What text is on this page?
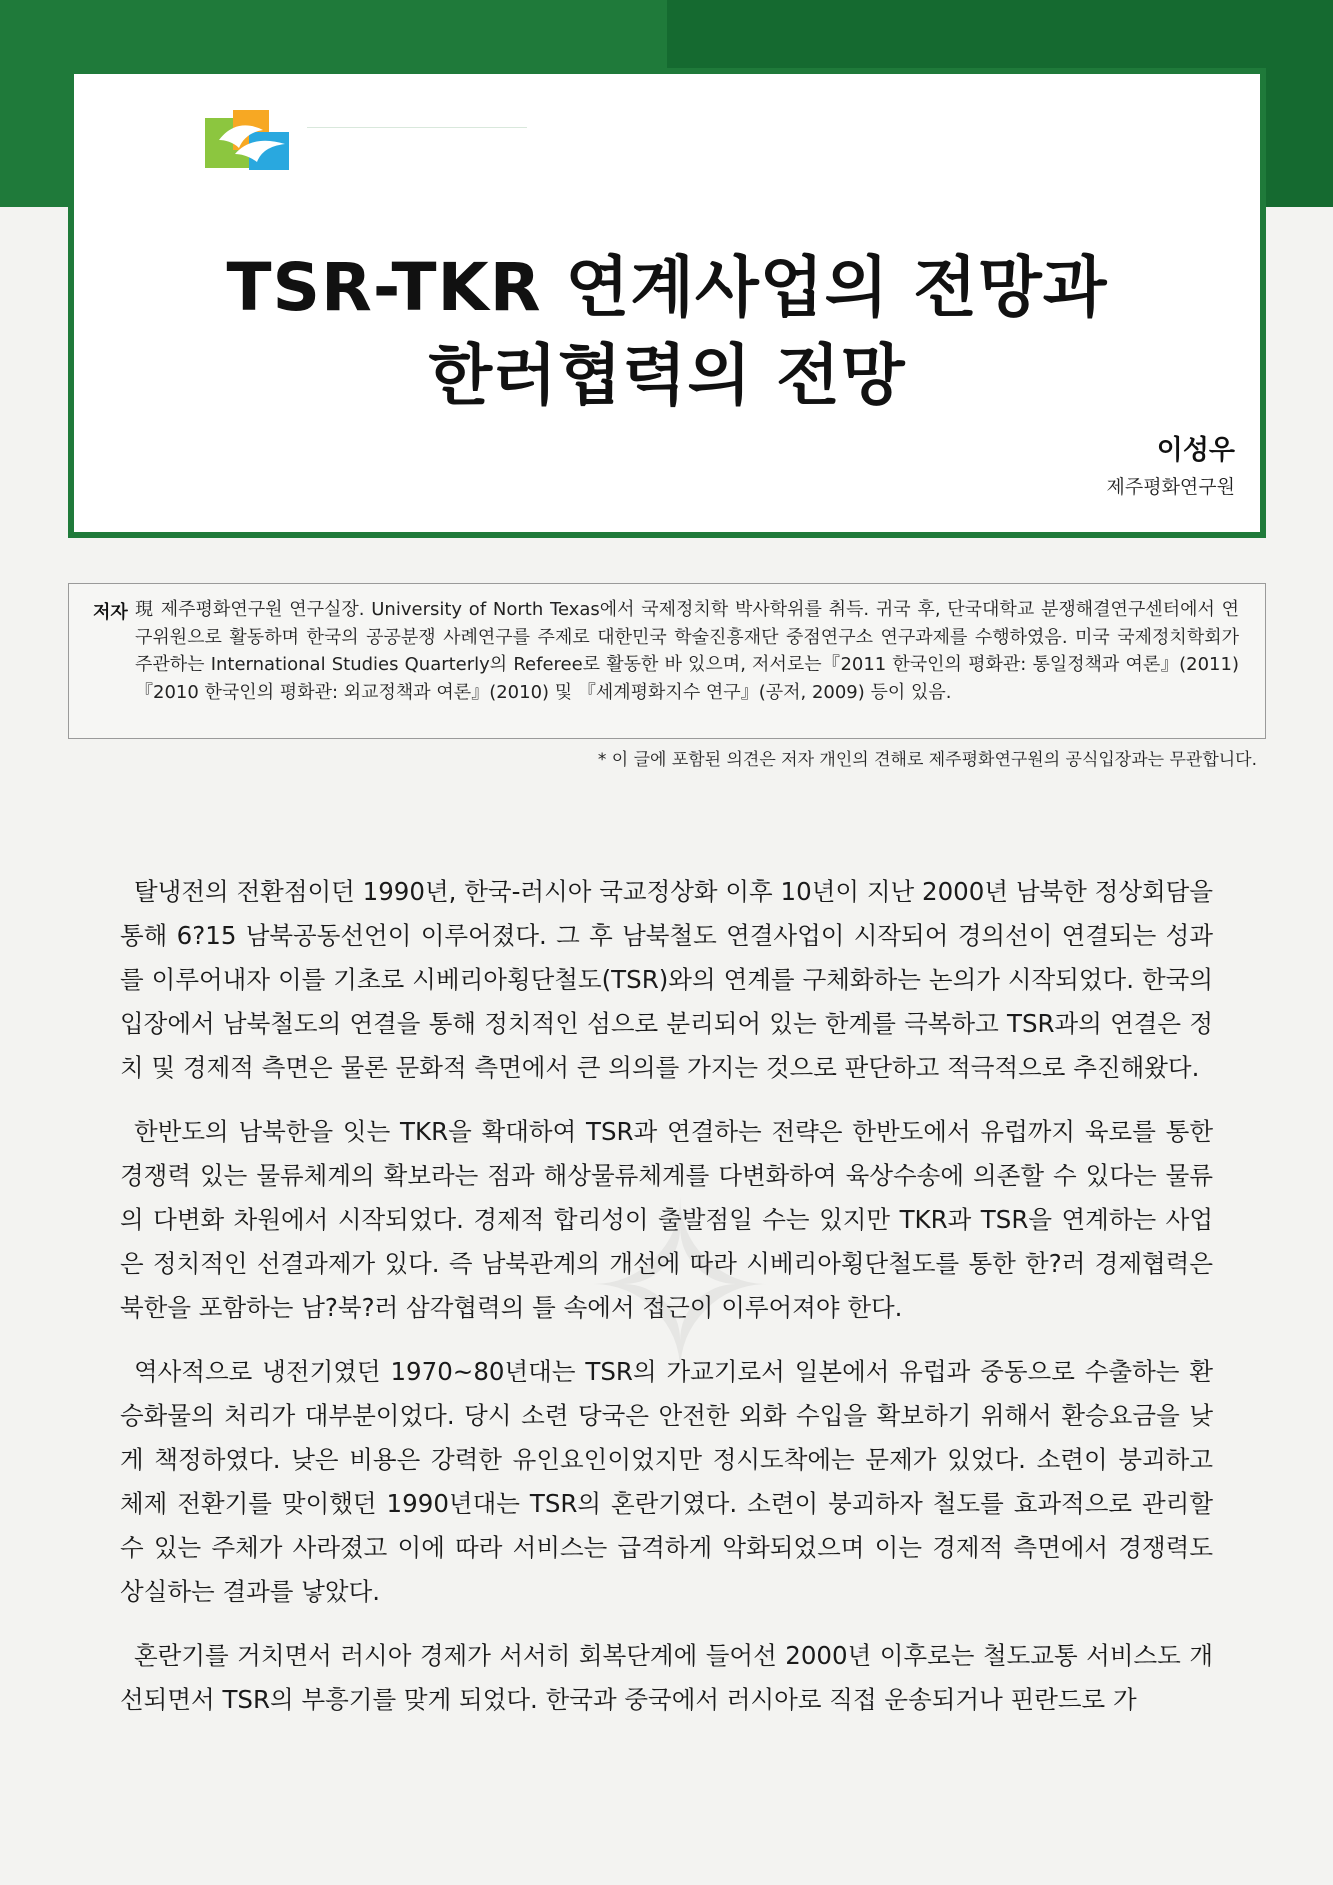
Jeju Peace Institute
제주평화연구원	JPI PeaceNet
TSR-TKR 연계사업의 전망과
한러협력의 전망
이성우
제주평화연구원
저자 現 제주평화연구원 연구실장. University of North Texas에서 국제정치학 박사학위를 취득. 귀국 후, 단국대학교 분쟁해결연구센터에서 연구위원으로 활동하며 한국의 공공분쟁 사례연구를 주제로 대한민국 학술진흥재단 중점연구소 연구과제를 수행하였음. 미국 국제정치학회가 주관하는 International Studies Quarterly의 Referee로 활동한 바 있으며, 저서로는『2011 한국인의 평화관: 통일정책과 여론』(2011) 『2010 한국인의 평화관: 외교정책과 여론』(2010) 및 『세계평화지수 연구』(공저, 2009) 등이 있음.
* 이 글에 포함된 의견은 저자 개인의 견해로 제주평화연구원의 공식입장과는 무관합니다.
✧

탈냉전의 전환점이던 1990년, 한국-러시아 국교정상화 이후 10년이 지난 2000년 남북한 정상회담을 통해 6?15 남북공동선언이 이루어졌다. 그 후 남북철도 연결사업이 시작되어 경의선이 연결되는 성과를 이루어내자 이를 기초로 시베리아횡단철도(TSR)와의 연계를 구체화하는 논의가 시작되었다. 한국의 입장에서 남북철도의 연결을 통해 정치적인 섬으로 분리되어 있는 한계를 극복하고 TSR과의 연결은 정치 및 경제적 측면은 물론 문화적 측면에서 큰 의의를 가지는 것으로 판단하고 적극적으로 추진해왔다.

한반도의 남북한을 잇는 TKR을 확대하여 TSR과 연결하는 전략은 한반도에서 유럽까지 육로를 통한 경쟁력 있는 물류체계의 확보라는 점과 해상물류체계를 다변화하여 육상수송에 의존할 수 있다는 물류의 다변화 차원에서 시작되었다. 경제적 합리성이 출발점일 수는 있지만 TKR과 TSR을 연계하는 사업은 정치적인 선결과제가 있다. 즉 남북관계의 개선에 따라 시베리아횡단철도를 통한 한?러 경제협력은 북한을 포함하는 남?북?러 삼각협력의 틀 속에서 접근이 이루어져야 한다.

역사적으로 냉전기였던 1970~80년대는 TSR의 가교기로서 일본에서 유럽과 중동으로 수출하는 환승화물의 처리가 대부분이었다. 당시 소련 당국은 안전한 외화 수입을 확보하기 위해서 환승요금을 낮게 책정하였다. 낮은 비용은 강력한 유인요인이었지만 정시도착에는 문제가 있었다. 소련이 붕괴하고 체제 전환기를 맞이했던 1990년대는 TSR의 혼란기였다. 소련이 붕괴하자 철도를 효과적으로 관리할 수 있는 주체가 사라졌고 이에 따라 서비스는 급격하게 악화되었으며 이는 경제적 측면에서 경쟁력도 상실하는 결과를 낳았다.

혼란기를 거치면서 러시아 경제가 서서히 회복단계에 들어선 2000년 이후로는 철도교통 서비스도 개선되면서 TSR의 부흥기를 맞게 되었다. 한국과 중국에서 러시아로 직접 운송되거나 핀란드로 가
